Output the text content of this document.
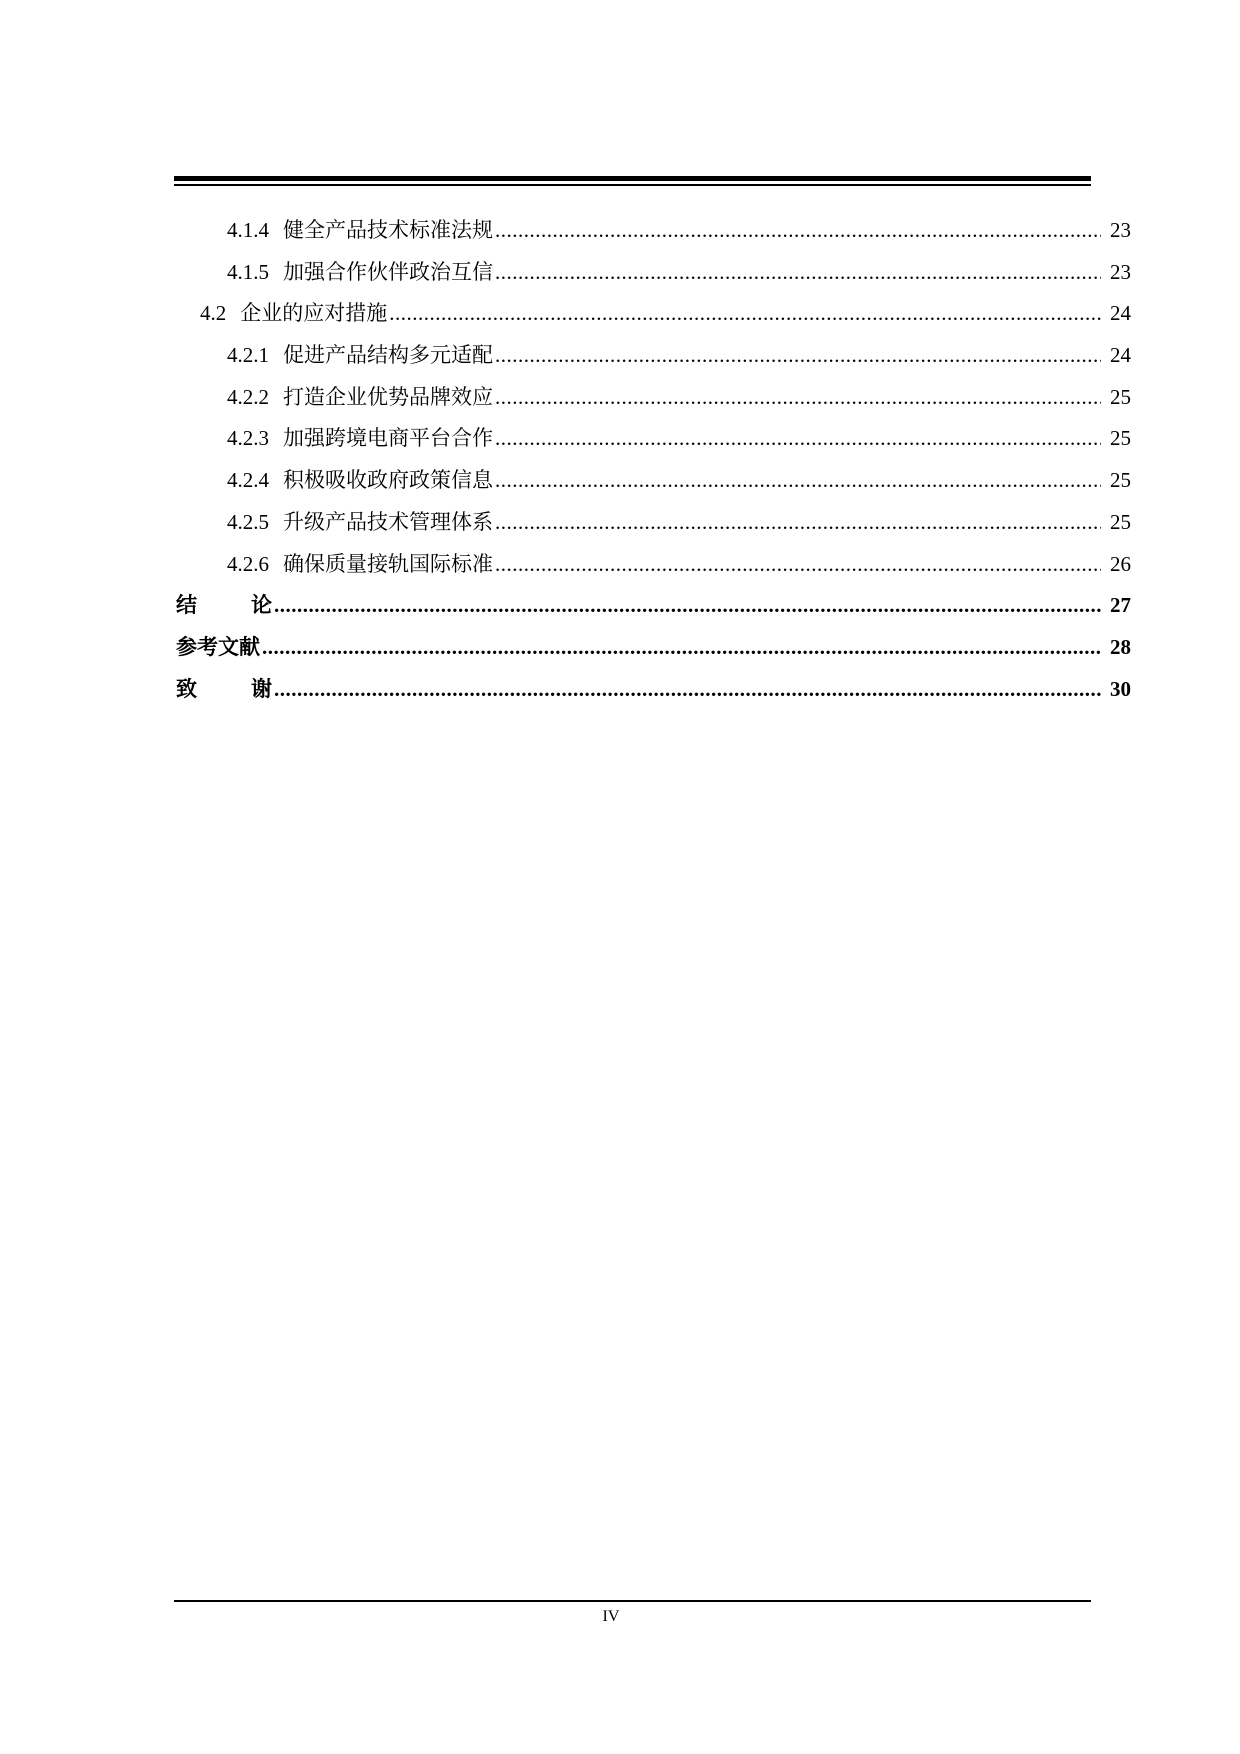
4.1.4 健全产品技术标准法规 .....	23
4.1.5 加强合作伙伴政治互信 .....	23
4.2 企业的应对措施 .....	24
4.2.1 促进产品结构多元适配 .....	24
4.2.2 打造企业优势品牌效应 .....	25
4.2.3 加强跨境电商平台合作 .....	25
4.2.4 积极吸收政府政策信息 .....	25
4.2.5 升级产品技术管理体系 .....	25
4.2.6 确保质量接轨国际标准 .....	26
结	论 .....	27
参考文献 .....	28
致	谢 .....	30
IV
